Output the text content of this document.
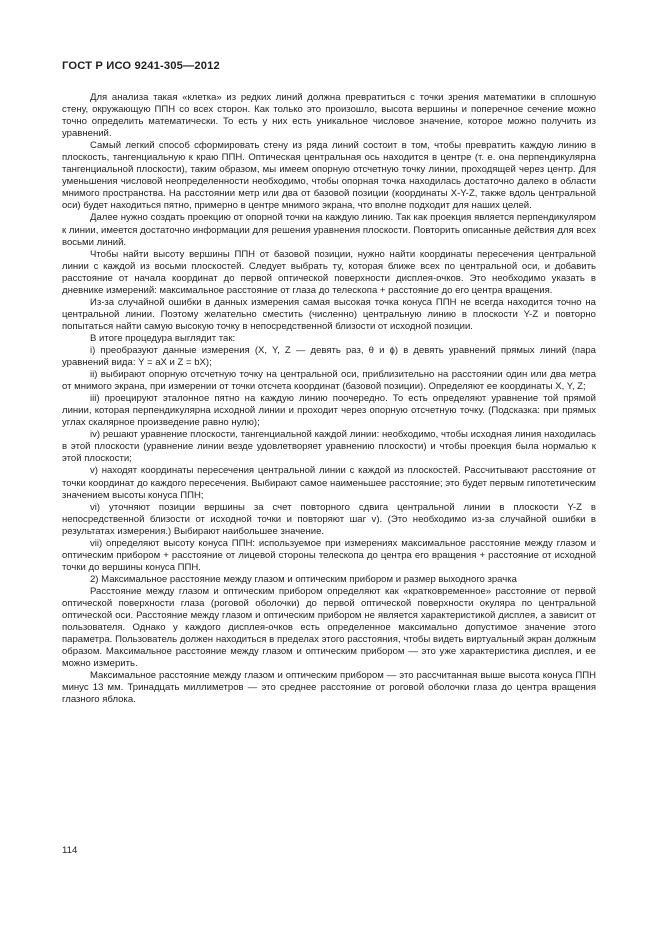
ГОСТ Р ИСО 9241-305—2012

Для анализа такая «клетка» из редких линий должна превратиться с точки зрения математики в сплошную стену, окружающую ППН со всех сторон. Как только это произошло, высота вершины и поперечное сечение можно точно определить математически. То есть у них есть уникальное числовое значение, которое можно получить из уравнений.

Самый легкий способ сформировать стену из ряда линий состоит в том, чтобы превратить каждую линию в плоскость, тангенциальную к краю ППН. Оптическая центральная ось находится в центре (т. е. она перпендикулярна тангенциальной плоскости), таким образом, мы имеем опорную отсчетную точку линии, проходящей через центр. Для уменьшения числовой неопределенности необходимо, чтобы опорная точка находилась достаточно далеко в области мнимого пространства. На расстоянии метр или два от базовой позиции (координаты X-Y-Z, также вдоль центральной оси) будет находиться пятно, примерно в центре мнимого экрана, что вполне подходит для наших целей.

Далее нужно создать проекцию от опорной точки на каждую линию. Так как проекция является перпендикуляром к линии, имеется достаточно информации для решения уравнения плоскости. Повторить описанные действия для всех восьми линий.

Чтобы найти высоту вершины ППН от базовой позиции, нужно найти координаты пересечения центральной линии с каждой из восьми плоскостей. Следует выбрать ту, которая ближе всех по центральной оси, и добавить расстояние от начала координат до первой оптической поверхности дисплея-очков. Это необходимо указать в дневнике измерений: максимальное расстояние от глаза до телескопа + расстояние до его центра вращения.

Из-за случайной ошибки в данных измерения самая высокая точка конуса ППН не всегда находится точно на центральной линии. Поэтому желательно сместить (численно) центральную линию в плоскости Y-Z и повторно попытаться найти самую высокую точку в непосредственной близости от исходной позиции.

В итоге процедура выглядит так:

i) преобразуют данные измерения (X, Y, Z — девять раз, θ и ϕ) в девять уравнений прямых линий (пара уравнений вида: Y = aX и Z = bX);

ii) выбирают опорную отсчетную точку на центральной оси, приблизительно на расстоянии один или два метра от мнимого экрана, при измерении от точки отсчета координат (базовой позиции). Определяют ее координаты X, Y, Z;

iii) проецируют эталонное пятно на каждую линию поочередно. То есть определяют уравнение той прямой линии, которая перпендикулярна исходной линии и проходит через опорную отсчетную точку. (Подсказка: при прямых углах скалярное произведение равно нулю);

iv) решают уравнение плоскости, тангенциальной каждой линии: необходимо, чтобы исходная линия находилась в этой плоскости (уравнение линии везде удовлетворяет уравнению плоскости) и чтобы проекция была нормалью к этой плоскости;

v) находят координаты пересечения центральной линии с каждой из плоскостей. Рассчитывают расстояние от точки координат до каждого пересечения. Выбирают самое наименьшее расстояние; это будет первым гипотетическим значением высоты конуса ППН;

vi) уточняют позиции вершины за счет повторного сдвига центральной линии в плоскости Y-Z в непосредственной близости от исходной точки и повторяют шаг v). (Это необходимо из-за случайной ошибки в результатах измерения.) Выбирают наибольшее значение.

vii) определяют высоту конуса ППН: используемое при измерениях максимальное расстояние между глазом и оптическим прибором + расстояние от лицевой стороны телескопа до центра его вращения + расстояние от исходной точки до вершины конуса ППН.

2) Максимальное расстояние между глазом и оптическим прибором и размер выходного зрачка

Расстояние между глазом и оптическим прибором определяют как «кратковременное» расстояние от первой оптической поверхности глаза (роговой оболочки) до первой оптической поверхности окуляра по центральной оптической оси. Расстояние между глазом и оптическим прибором не является характеристикой дисплея, а зависит от пользователя. Однако у каждого дисплея-очков есть определенное максимально допустимое значение этого параметра. Пользователь должен находиться в пределах этого расстояния, чтобы видеть виртуальный экран должным образом. Максимальное расстояние между глазом и оптическим прибором — это уже характеристика дисплея, и ее можно измерить.

Максимальное расстояние между глазом и оптическим прибором — это рассчитанная выше высота конуса ППН минус 13 мм. Тринадцать миллиметров — это среднее расстояние от роговой оболочки глаза до центра вращения глазного яблока.

114
